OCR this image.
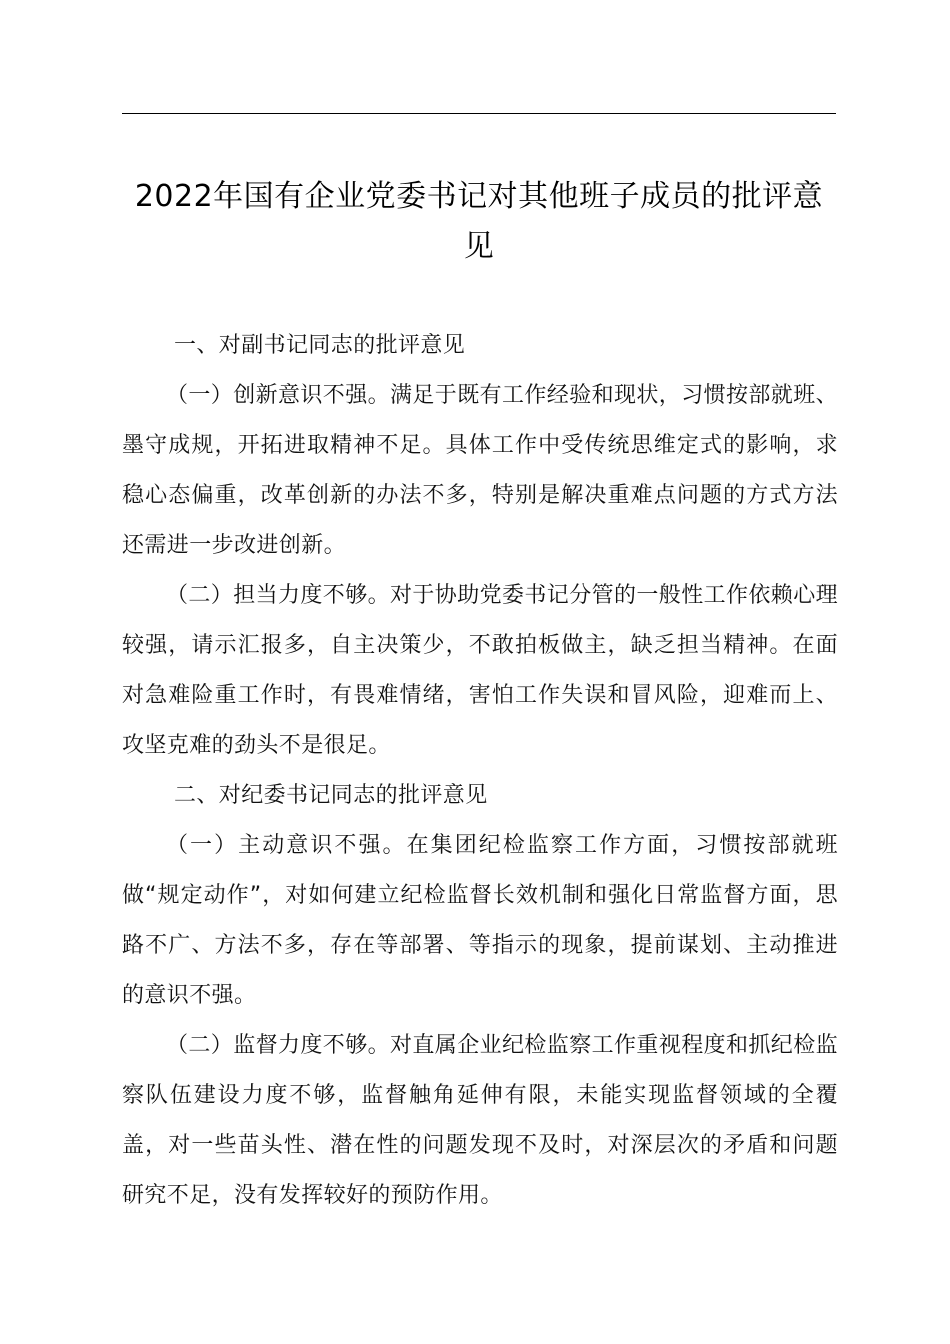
2022年国有企业党委书记对其他班子成员的批评意见

一、对副书记同志的批评意见

（一）创新意识不强。满足于既有工作经验和现状，习惯按部就班、墨守成规，开拓进取精神不足。具体工作中受传统思维定式的影响，求稳心态偏重，改革创新的办法不多，特别是解决重难点问题的方式方法还需进一步改进创新。

（二）担当力度不够。对于协助党委书记分管的一般性工作依赖心理较强，请示汇报多，自主决策少，不敢拍板做主，缺乏担当精神。在面对急难险重工作时，有畏难情绪，害怕工作失误和冒风险，迎难而上、攻坚克难的劲头不是很足。

二、对纪委书记同志的批评意见

（一）主动意识不强。在集团纪检监察工作方面，习惯按部就班做“规定动作”，对如何建立纪检监督长效机制和强化日常监督方面，思路不广、方法不多，存在等部署、等指示的现象，提前谋划、主动推进的意识不强。

（二）监督力度不够。对直属企业纪检监察工作重视程度和抓纪检监察队伍建设力度不够，监督触角延伸有限，未能实现监督领域的全覆盖，对一些苗头性、潜在性的问题发现不及时，对深层次的矛盾和问题研究不足，没有发挥较好的预防作用。
